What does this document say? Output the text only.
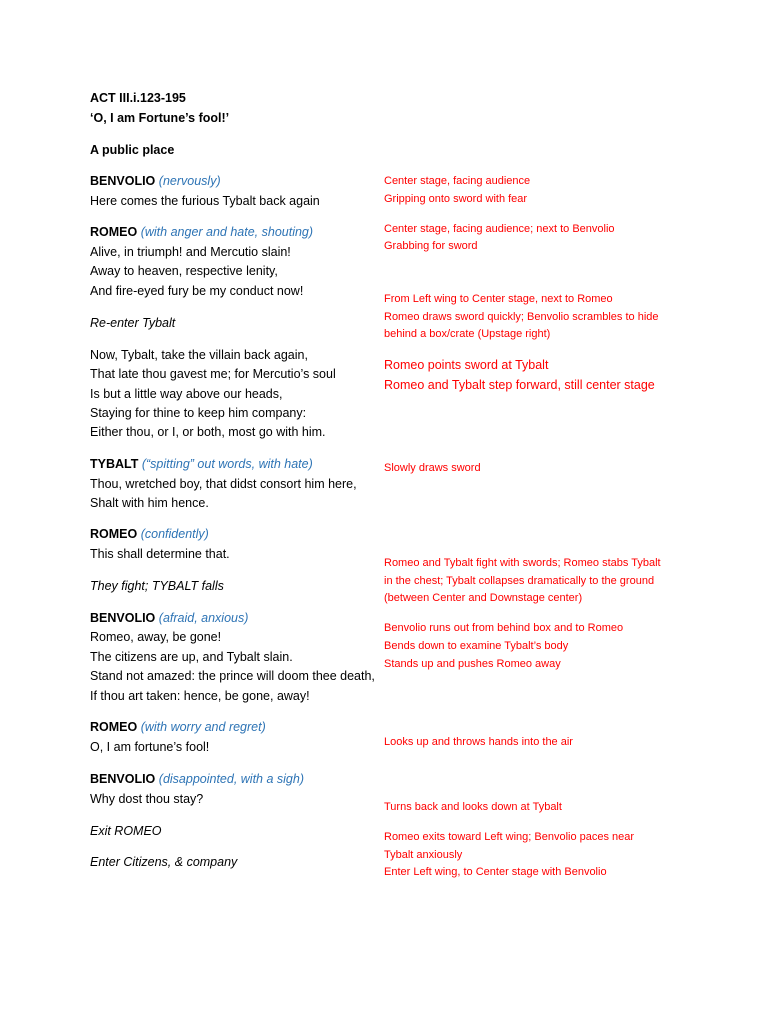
ACT III.i.123-195
‘O, I am Fortune’s fool!’
A public place
BENVOLIO (nervously)
Here comes the furious Tybalt back again
ROMEO (with anger and hate, shouting)
Alive, in triumph! and Mercutio slain!
Away to heaven, respective lenity,
And fire-eyed fury be my conduct now!
Re-enter Tybalt
Now, Tybalt, take the villain back again,
That late thou gavest me; for Mercutio’s soul
Is but a little way above our heads,
Staying for thine to keep him company:
Either thou, or I, or both, most go with him.
TYBALT (“spitting” out words, with hate)
Thou, wretched boy, that didst consort him here,
Shalt with him hence.
ROMEO (confidently)
This shall determine that.
They fight; TYBALT falls
BENVOLIO (afraid, anxious)
Romeo, away, be gone!
The citizens are up, and Tybalt slain.
Stand not amazed: the prince will doom thee death,
If thou art taken: hence, be gone, away!
ROMEO (with worry and regret)
O, I am fortune’s fool!
BENVOLIO (disappointed, with a sigh)
Why dost thou stay?
Exit ROMEO
Enter Citizens, & company
Center stage, facing audience
Gripping onto sword with fear
Center stage, facing audience; next to Benvolio
Grabbing for sword
From Left wing to Center stage, next to Romeo
Romeo draws sword quickly; Benvolio scrambles to hide
behind a box/crate (Upstage right)
Romeo points sword at Tybalt
Romeo and Tybalt step forward, still center stage
Slowly draws sword
Romeo and Tybalt fight with swords; Romeo stabs Tybalt
in the chest; Tybalt collapses dramatically to the ground
(between Center and Downstage center)
Benvolio runs out from behind box and to Romeo
Bends down to examine Tybalt’s body
Stands up and pushes Romeo away
Looks up and throws hands into the air
Turns back and looks down at Tybalt
Romeo exits toward Left wing; Benvolio paces near
Tybalt anxiously
Enter Left wing, to Center stage with Benvolio
